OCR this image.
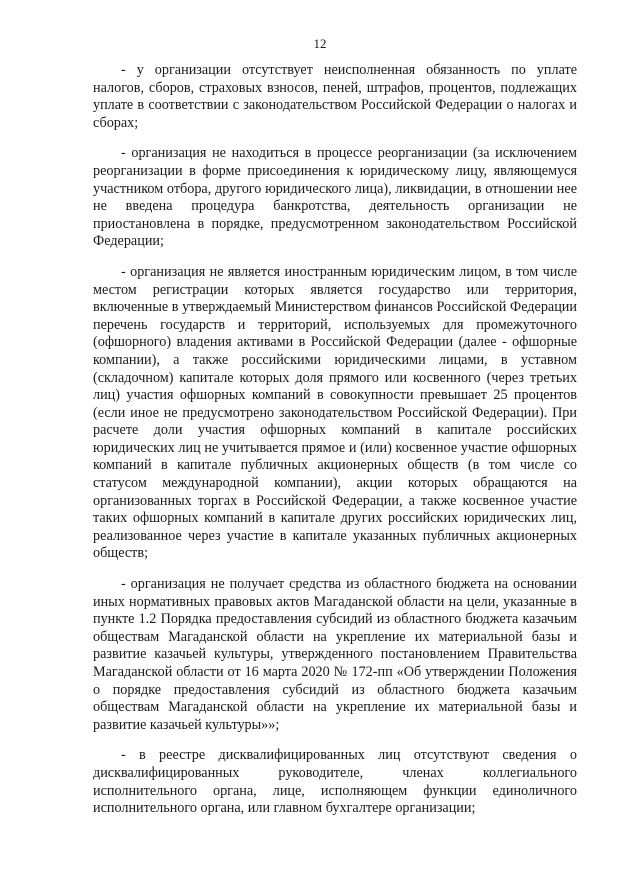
12

- у организации отсутствует неисполненная обязанность по уплате налогов, сборов, страховых взносов, пеней, штрафов, процентов, подлежащих уплате в соответствии с законодательством Российской Федерации о налогах и сборах;

- организация не находиться в процессе реорганизации (за исключением реорганизации в форме присоединения к юридическому лицу, являющемуся участником отбора, другого юридического лица), ликвидации, в отношении нее не введена процедура банкротства, деятельность организации не приостановлена в порядке, предусмотренном законодательством Российской Федерации;

- организация не является иностранным юридическим лицом, в том числе местом регистрации которых является государство или территория, включенные в утверждаемый Министерством финансов Российской Федерации перечень государств и территорий, используемых для промежуточного (офшорного) владения активами в Российской Федерации (далее - офшорные компании), а также российскими юридическими лицами, в уставном (складочном) капитале которых доля прямого или косвенного (через третьих лиц) участия офшорных компаний в совокупности превышает 25 процентов (если иное не предусмотрено законодательством Российской Федерации). При расчете доли участия офшорных компаний в капитале российских юридических лиц не учитывается прямое и (или) косвенное участие офшорных компаний в капитале публичных акционерных обществ (в том числе со статусом международной компании), акции которых обращаются на организованных торгах в Российской Федерации, а также косвенное участие таких офшорных компаний в капитале других российских юридических лиц, реализованное через участие в капитале указанных публичных акционерных обществ;

- организация не получает средства из областного бюджета на основании иных нормативных правовых актов Магаданской области на цели, указанные в пункте 1.2 Порядка предоставления субсидий из областного бюджета казачьим обществам Магаданской области на укрепление их материальной базы и развитие казачьей культуры, утвержденного постановлением Правительства Магаданской области от 16 марта 2020 № 172-пп «Об утверждении Положения о порядке предоставления субсидий из областного бюджета казачьим обществам Магаданской области на укрепление их материальной базы и развитие казачьей культуры»»;

- в реестре дисквалифицированных лиц отсутствуют сведения о дисквалифицированных руководителе, членах коллегиального исполнительного органа, лице, исполняющем функции единоличного исполнительного органа, или главном бухгалтере организации;
